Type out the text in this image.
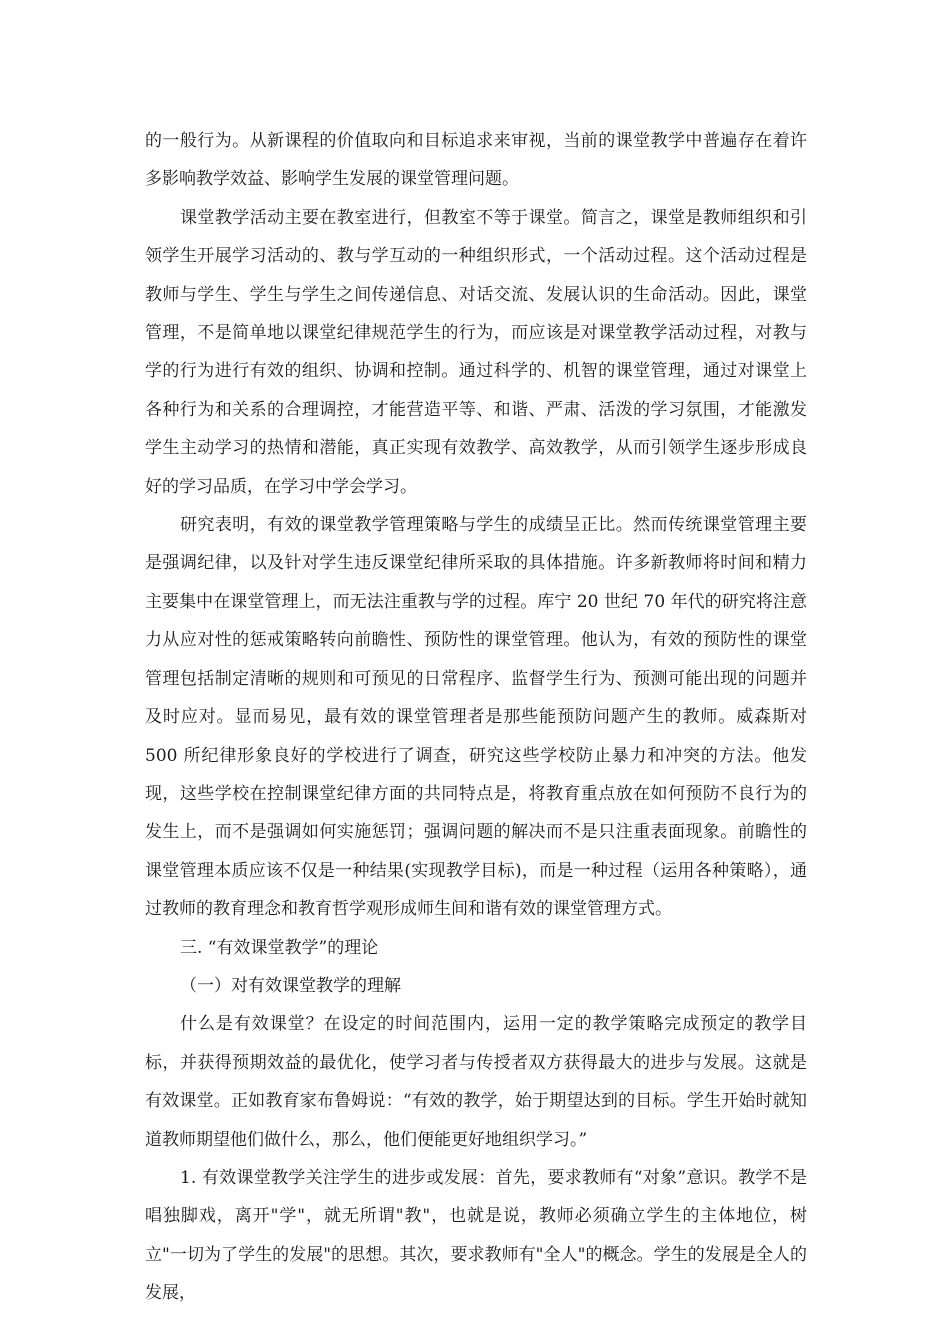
的一般行为。从新课程的价值取向和目标追求来审视，当前的课堂教学中普遍存在着许多影响教学效益、影响学生发展的课堂管理问题。

课堂教学活动主要在教室进行，但教室不等于课堂。简言之，课堂是教师组织和引领学生开展学习活动的、教与学互动的一种组织形式，一个活动过程。这个活动过程是教师与学生、学生与学生之间传递信息、对话交流、发展认识的生命活动。因此，课堂管理，不是简单地以课堂纪律规范学生的行为，而应该是对课堂教学活动过程，对教与学的行为进行有效的组织、协调和控制。通过科学的、机智的课堂管理，通过对课堂上各种行为和关系的合理调控，才能营造平等、和谐、严肃、活泼的学习氛围，才能激发学生主动学习的热情和潜能，真正实现有效教学、高效教学，从而引领学生逐步形成良好的学习品质，在学习中学会学习。

研究表明，有效的课堂教学管理策略与学生的成绩呈正比。然而传统课堂管理主要是强调纪律，以及针对学生违反课堂纪律所采取的具体措施。许多新教师将时间和精力主要集中在课堂管理上，而无法注重教与学的过程。库宁 20 世纪 70 年代的研究将注意力从应对性的惩戒策略转向前瞻性、预防性的课堂管理。他认为，有效的预防性的课堂管理包括制定清晰的规则和可预见的日常程序、监督学生行为、预测可能出现的问题并及时应对。显而易见，最有效的课堂管理者是那些能预防问题产生的教师。威森斯对 500 所纪律形象良好的学校进行了调查，研究这些学校防止暴力和冲突的方法。他发现，这些学校在控制课堂纪律方面的共同特点是，将教育重点放在如何预防不良行为的发生上，而不是强调如何实施惩罚；强调问题的解决而不是只注重表面现象。前瞻性的课堂管理本质应该不仅是一种结果(实现教学目标)，而是一种过程（运用各种策略），通过教师的教育理念和教育哲学观形成师生间和谐有效的课堂管理方式。

三. “有效课堂教学”的理论

（一）对有效课堂教学的理解

什么是有效课堂？在设定的时间范围内，运用一定的教学策略完成预定的教学目标，并获得预期效益的最优化，使学习者与传授者双方获得最大的进步与发展。这就是有效课堂。正如教育家布鲁姆说：“有效的教学，始于期望达到的目标。学生开始时就知道教师期望他们做什么，那么，他们便能更好地组织学习。”

1. 有效课堂教学关注学生的进步或发展：首先，要求教师有“对象”意识。教学不是唱独脚戏，离开"学"，就无所谓"教"，也就是说，教师必须确立学生的主体地位，树立"一切为了学生的发展"的思想。其次，要求教师有"全人"的概念。学生的发展是全人的发展，
